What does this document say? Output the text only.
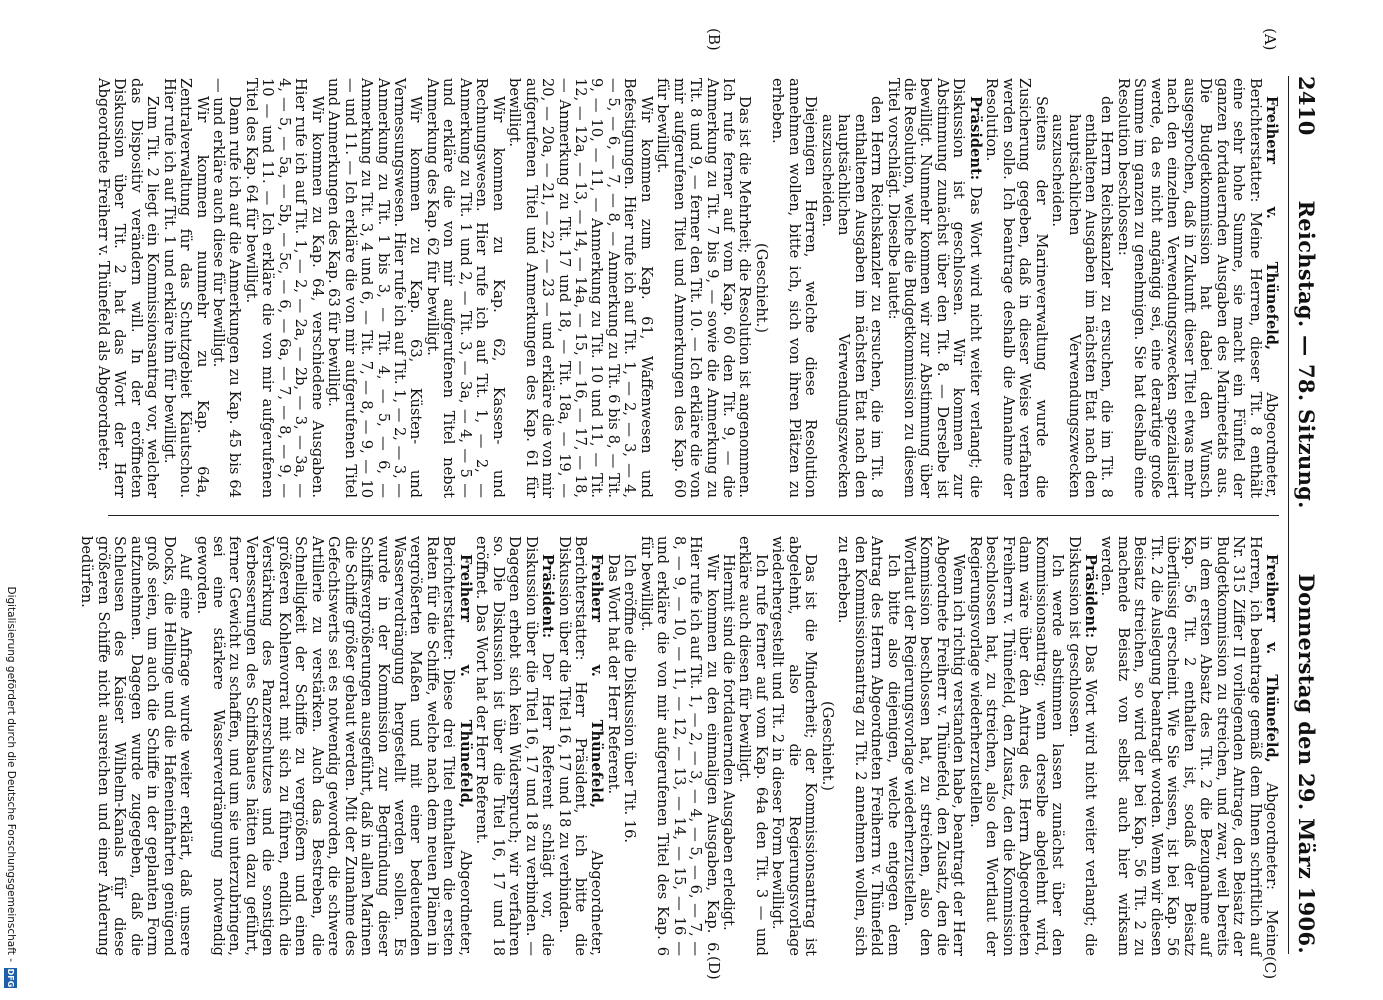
2410
Reichstag. — 78. Sitzung.
Donnerstag den 29. März 1906.
(A)
(B)
(C)
(D)

Freiherr v. Thünefeld, Abgeordneter, Berichterstatter: Meine Herren, dieser Tit. 8 enthält eine sehr hohe Summe, sie macht ein Fünftel der ganzen fortdauernden Ausgaben des Marineetats aus. Die Budgetkommission hat dabei den Wunsch ausgesprochen, daß in Zukunft dieser Titel etwas mehr nach den einzelnen Verwendungszwecken spezialisiert werde, da es nicht angängig sei, eine derartige große Summe im ganzen zu genehmigen. Sie hat deshalb eine Resolution beschlossen:

den Herrn Reichskanzler zu ersuchen, die im Tit. 8 enthaltenen Ausgaben im nächsten Etat nach den hauptsächlichen Verwendungszwecken auszuscheiden.

Seitens der Marineverwaltung wurde die Zusicherung gegeben, daß in dieser Weise verfahren werden solle. Ich beantrage deshalb die Annahme der Resolution.

Präsident: Das Wort wird nicht weiter verlangt; die Diskussion ist geschlossen. Wir kommen zur Abstimmung zunächst über den Tit. 8. — Derselbe ist bewilligt. Nunmehr kommen wir zur Abstimmung über die Resolution, welche die Budgetkommission zu diesem Titel vorschlägt. Dieselbe lautet:

den Herrn Reichskanzler zu ersuchen, die im Tit. 8 enthaltenen Ausgaben im nächsten Etat nach den hauptsächlichen Verwendungszwecken auszuscheiden.

Diejenigen Herren, welche diese Resolution annehmen wollen, bitte ich, sich von ihren Plätzen zu erheben.

(Geschieht.)

Das ist die Mehrheit; die Resolution ist angenommen. Ich rufe ferner auf vom Kap. 60 den Tit. 9, — die Anmerkung zu Tit. 7 bis 9, — sowie die Anmerkung zu Tit. 8 und 9, — ferner den Tit. 10. — Ich erkläre die von mir aufgerufenen Titel und Anmerkungen des Kap. 60 für bewilligt.

Wir kommen zum Kap. 61, Waffenwesen und Befestigungen. Hier rufe ich auf Tit. 1, — 2, — 3, — 4, — 5, — 6, — 7, — 8, — Anmerkung zu Tit. 6 bis 8, — Tit. 9, — 10, — 11, — Anmerkung zu Tit. 10 und 11, — Tit. 12, — 12a, — 13, — 14, — 14a, — 15, — 16, — 17, — 18, — Anmerkung zu Tit. 17 und 18, — Tit. 18a, — 19, — 20, — 20a, — 21, — 22, — 23 — und erkläre die von mir aufgerufenen Titel und Anmerkungen des Kap. 61 für bewilligt.

Wir kommen zu Kap. 62, Kassen- und Rechnungswesen. Hier rufe ich auf Tit. 1, — 2, — Anmerkung zu Tit. 1 und 2, — Tit. 3, — 3a, — 4, — 5 — und erkläre die von mir aufgerufenen Titel nebst Anmerkung des Kap. 62 für bewilligt.

Wir kommen zu Kap. 63, Küsten- und Vermessungswesen. Hier rufe ich auf Tit. 1, — 2, — 3, — Anmerkung zu Tit. 1 bis 3, — Tit. 4, — 5, — 6, — Anmerkung zu Tit. 3, 4 und 6, — Tit. 7, — 8, — 9, — 10 — und 11. — Ich erkläre die von mir aufgerufenen Titel und Anmerkungen des Kap. 63 für bewilligt.

Wir kommen zu Kap. 64, verschiedene Ausgaben. Hier rufe ich auf Tit. 1, — 2, — 2a, — 2b, — 3, — 3a, — 4, — 5, — 5a, — 5b, — 5c, — 6, — 6a, — 7, — 8, — 9, — 10 — und 11. — Ich erkläre die von mir aufgerufenen Titel des Kap. 64 für bewilligt.

Dann rufe ich auf die Anmerkungen zu Kap. 45 bis 64 — und erkläre auch diese für bewilligt.

Wir kommen nunmehr zu Kap. 64a, Zentralverwaltung für das Schutzgebiet Kiautschou. Hier rufe ich auf Tit. 1 und erkläre ihn für bewilligt.

Zum Tit. 2 liegt ein Kommissionsantrag vor, welcher das Dispositiv verändern will. In der eröffneten Diskussion über Tit. 2 hat das Wort der Herr Abgeordnete Freiherr v. Thünefeld als Abgeordneter.

Freiherr v. Thünefeld, Abgeordneter: Meine Herren, ich beantrage gemäß dem Ihnen schriftlich auf Nr. 315 Ziffer II vorliegenden Antrage, den Beisatz der Budgetkommission zu streichen, und zwar, weil bereits in dem ersten Absatz des Tit. 2 die Bezugnahme auf Kap. 56 Tit. 2 enthalten ist, sodaß der Beisatz überflüssig erscheint. Wie Sie wissen, ist bei Kap. 56 Tit. 2 die Auslegung beantragt worden. Wenn wir diesen Beisatz streichen, so wird der bei Kap. 56 Tit. 2 zu machende Beisatz von selbst auch hier wirksam werden.

Präsident: Das Wort wird nicht weiter verlangt; die Diskussion ist geschlossen.

Ich werde abstimmen lassen zunächst über den Kommissionsantrag; wenn derselbe abgelehnt wird, dann wäre über den Antrag des Herrn Abgeordneten Freiherrn v. Thünefeld, den Zusatz, den die Kommission beschlossen hat, zu streichen, also den Wortlaut der Regierungsvorlage wiederherzustellen.

Wenn ich richtig verstanden habe, beantragt der Herr Abgeordnete Freiherr v. Thünefeld, den Zusatz, den die Kommission beschlossen hat, zu streichen, also den Wortlaut der Regierungsvorlage wiederherzustellen.

Ich bitte also diejenigen, welche entgegen dem Antrag des Herrn Abgeordneten Freiherrn v. Thünefeld den Kommissionsantrag zu Tit. 2 annehmen wollen, sich zu erheben.

(Geschieht.)

Das ist die Minderheit; der Kommissionsantrag ist abgelehnt, also die Regierungsvorlage wiederhergestellt und Tit. 2 in dieser Form bewilligt.

Ich rufe ferner auf vom Kap. 64a den Tit. 3 — und erkläre auch diesen für bewilligt.

Hiermit sind die fortdauernden Ausgaben erledigt.

Wir kommen zu den einmaligen Ausgaben, Kap. 6. Hier rufe ich auf Tit. 1, — 2, — 3, — 4, — 5, — 6, — 7, — 8, — 9, — 10, — 11, — 12, — 13, — 14, — 15, — 16 — und erkläre die von mir aufgerufenen Titel des Kap. 6 für bewilligt.

Ich eröffne die Diskussion über Tit. 16.

Das Wort hat der Herr Referent.

Freiherr v. Thünefeld, Abgeordneter, Berichterstatter: Herr Präsident, ich bitte die Diskussion über die Titel 16, 17 und 18 zu verbinden.

Präsident: Der Herr Referent schlägt vor, die Diskussion über die Titel 16, 17 und 18 zu verbinden. — Dagegen erhebt sich kein Widerspruch; wir verfahren so. Die Diskussion ist über die Titel 16, 17 und 18 eröffnet. Das Wort hat der Herr Referent.

Freiherr v. Thünefeld, Abgeordneter, Berichterstatter: Diese drei Titel enthalten die ersten Raten für die Schiffe, welche nach dem neuen Plänen in vergrößerten Maßen und mit einer bedeutenden Wasserverdrängung hergestellt werden sollen. Es wurde in der Kommission zur Begründung dieser Schiffsvergrößerungen ausgeführt, daß in allen Marinen die Schiffe größer gebaut werden. Mit der Zunahme des Gefechtswerts sei es notwendig geworden, die schwere Artillerie zu verstärken. Auch das Bestreben, die Schnelligkeit der Schiffe zu vergrößern und einen größeren Kohlenvorrat mit sich zu führen, endlich die Verstärkung des Panzerschutzes und die sonstigen Verbesserungen des Schiffsbaues hätten dazu geführt, ferner Gewicht zu schaffen, und um sie unterzubringen, sei eine stärkere Wasserverdrängung notwendig geworden.

Auf eine Anfrage wurde weiter erklärt, daß unsere Docks, die Hellinge und die Hafeneinfahrten genügend groß seien, um auch die Schiffe in der geplanten Form aufzunehmen. Dagegen wurde zugegeben, daß die Schleusen des Kaiser Wilhelm-Kanals für diese größeren Schiffe nicht ausreichen und einer Änderung bedürfen.

Digitalisierung gefördert durch die Deutsche Forschungsgemeinschaft -
DFG
